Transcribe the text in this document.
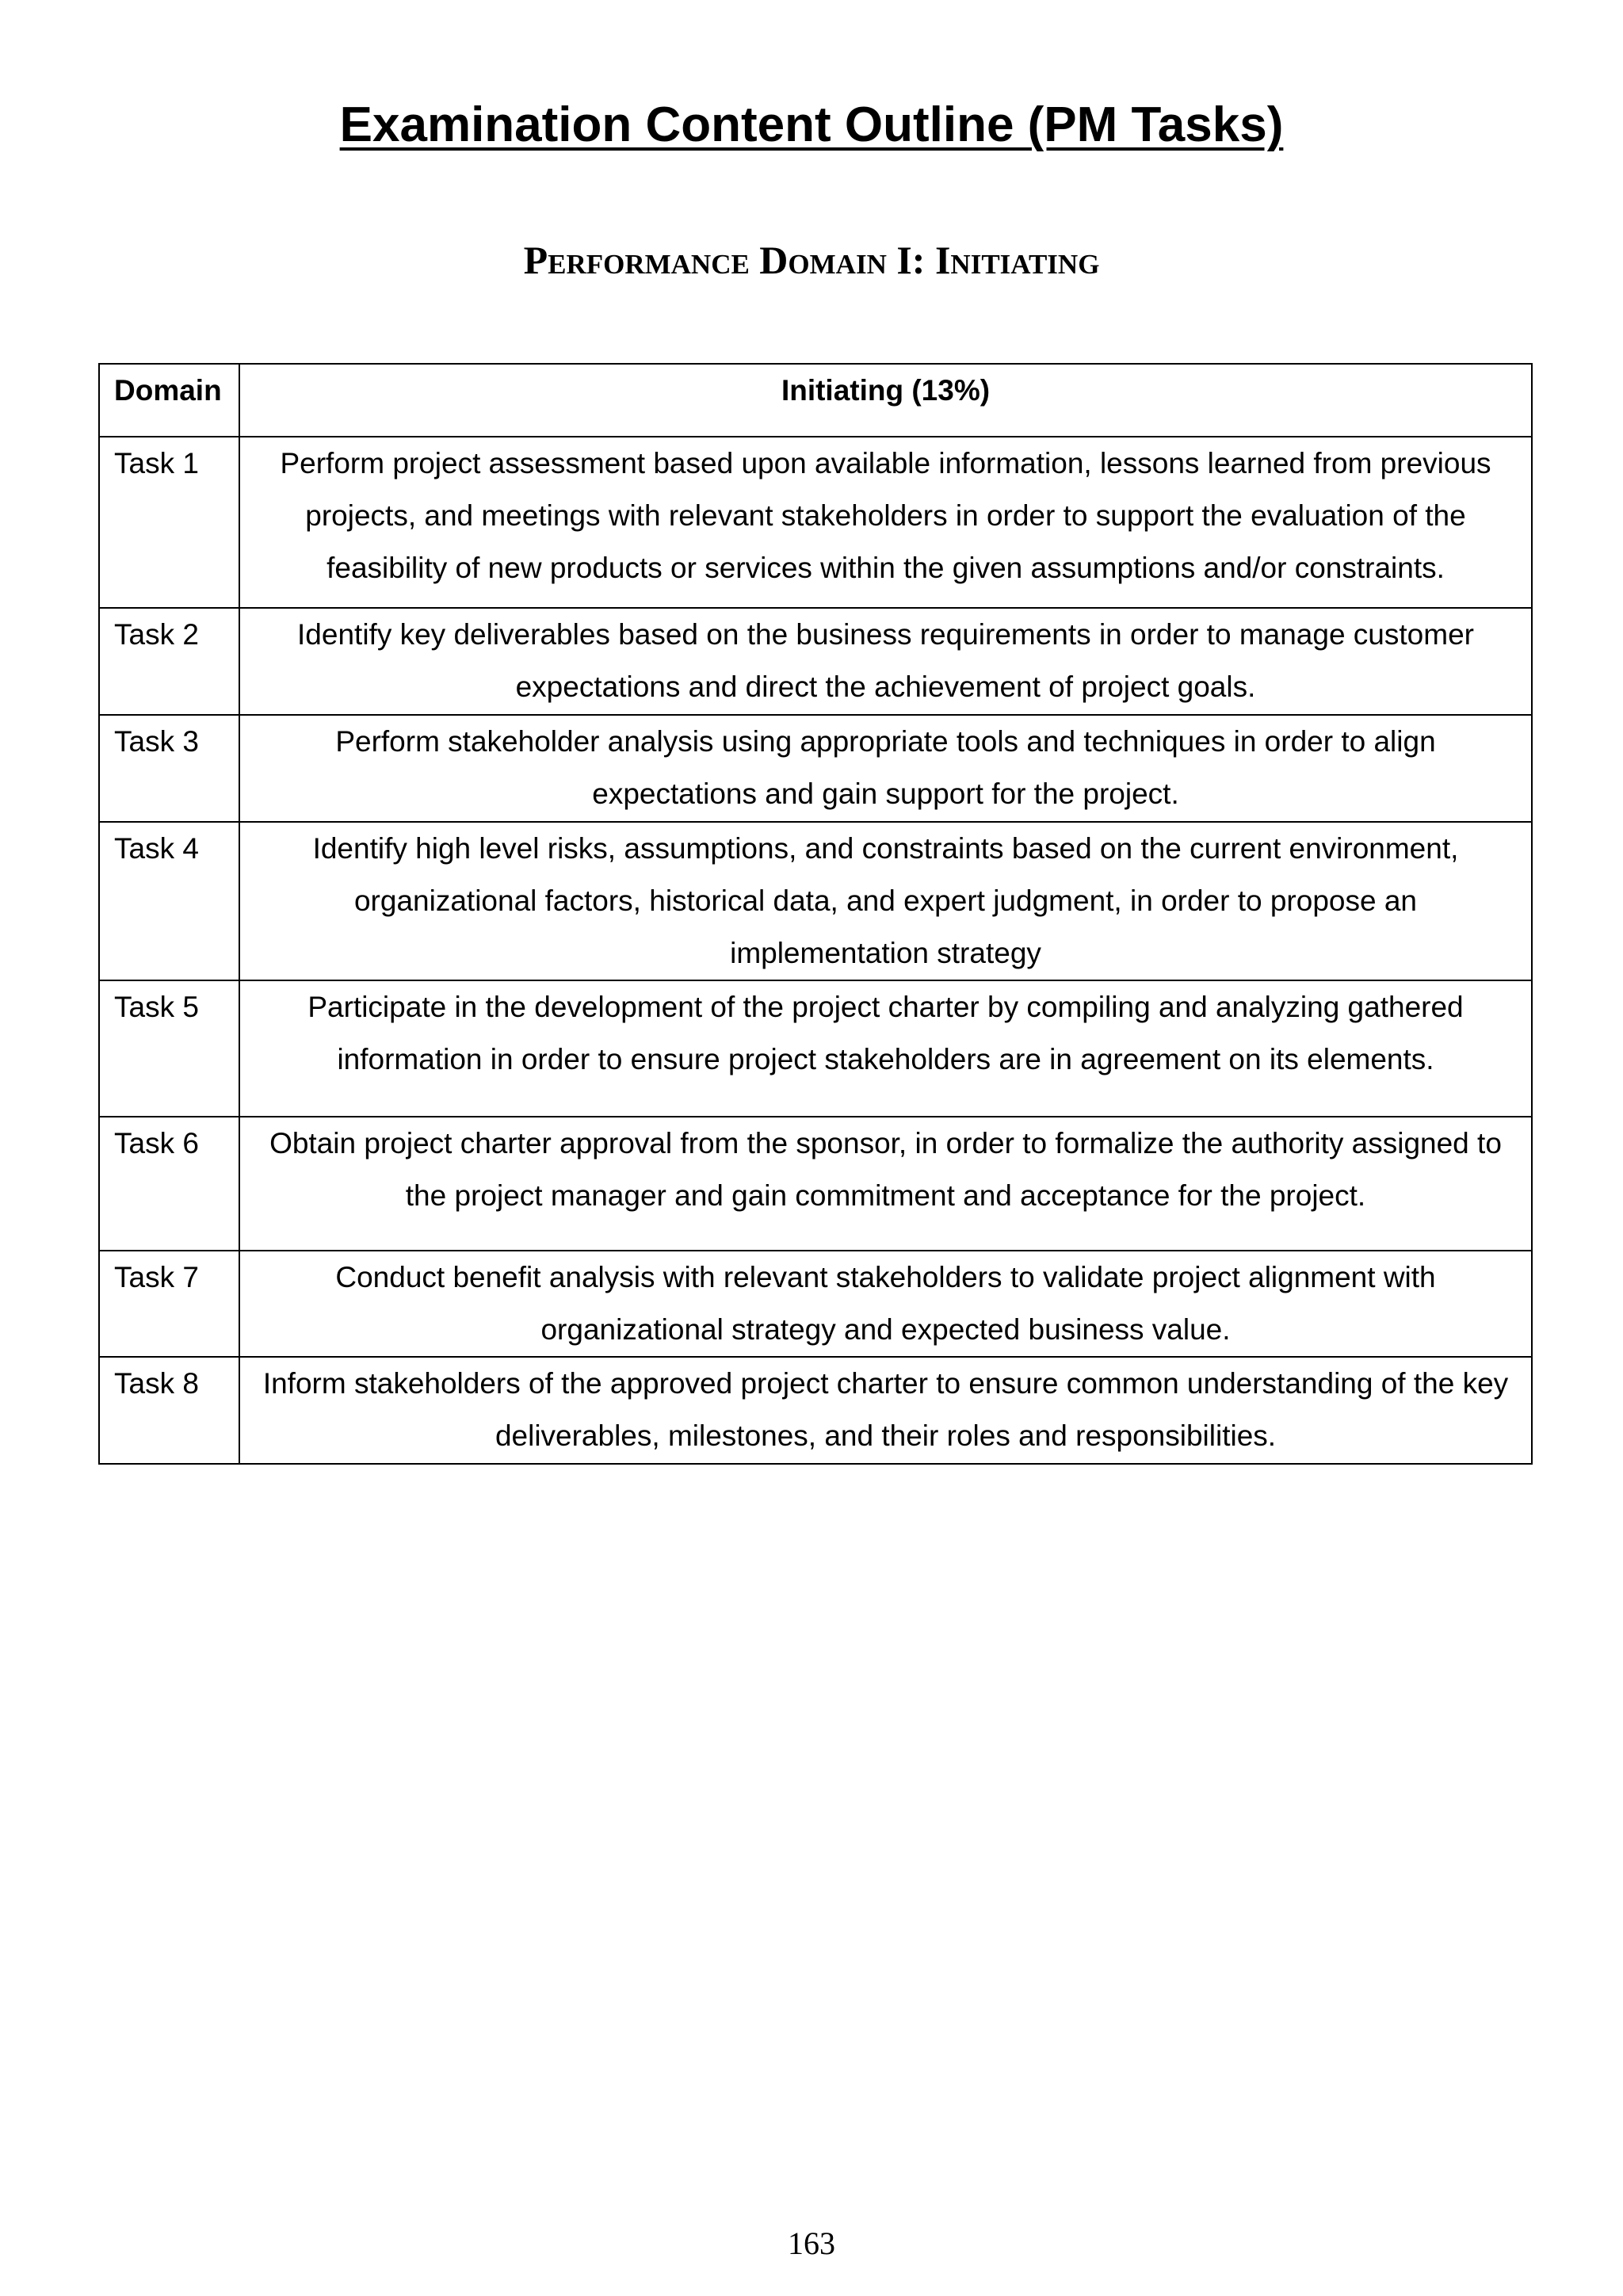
Examination Content Outline (PM Tasks)
Performance Domain I: Initiating
Domain	Initiating (13%)
Task 1	Perform project assessment based upon available information, lessons learned from previous projects, and meetings with relevant stakeholders in order to support the evaluation of the feasibility of new products or services within the given assumptions and/or constraints.
Task 2	Identify key deliverables based on the business requirements in order to manage customer expectations and direct the achievement of project goals.
Task 3	Perform stakeholder analysis using appropriate tools and techniques in order to align expectations and gain support for the project.
Task 4	Identify high level risks, assumptions, and constraints based on the current environment, organizational factors, historical data, and expert judgment, in order to propose an implementation strategy
Task 5	Participate in the development of the project charter by compiling and analyzing gathered information in order to ensure project stakeholders are in agreement on its elements.
Task 6	Obtain project charter approval from the sponsor, in order to formalize the authority assigned to the project manager and gain commitment and acceptance for the project.
Task 7	Conduct benefit analysis with relevant stakeholders to validate project alignment with organizational strategy and expected business value.
Task 8	Inform stakeholders of the approved project charter to ensure common understanding of the key deliverables, milestones, and their roles and responsibilities.
163
